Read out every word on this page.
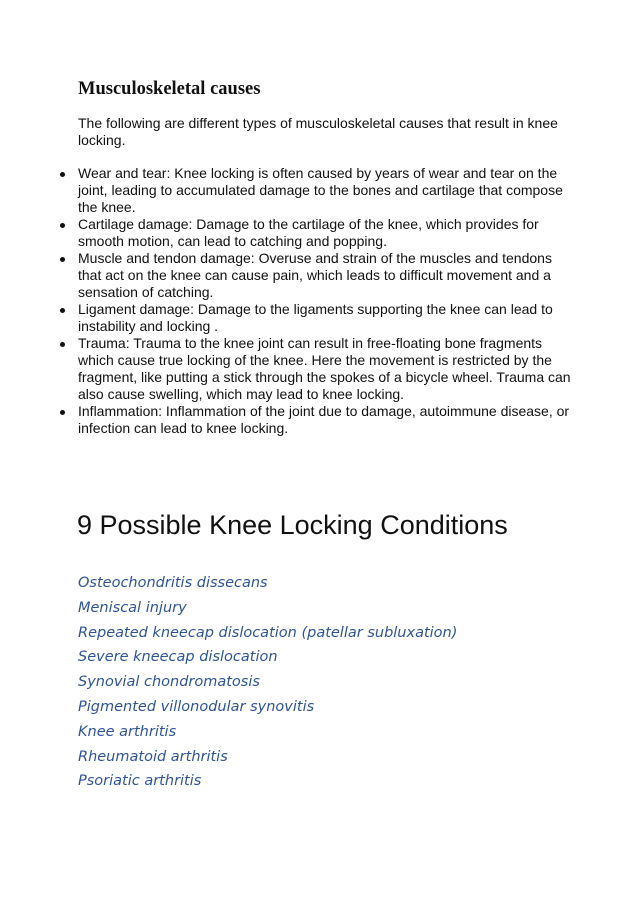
Musculoskeletal causes

The following are different types of musculoskeletal causes that result in knee locking.

Wear and tear: Knee locking is often caused by years of wear and tear on the joint, leading to accumulated damage to the bones and cartilage that compose the knee.
Cartilage damage: Damage to the cartilage of the knee, which provides for smooth motion, can lead to catching and popping.
Muscle and tendon damage: Overuse and strain of the muscles and tendons that act on the knee can cause pain, which leads to difficult movement and a sensation of catching.
Ligament damage: Damage to the ligaments supporting the knee can lead to instability and locking .
Trauma: Trauma to the knee joint can result in free-floating bone fragments which cause true locking of the knee. Here the movement is restricted by the fragment, like putting a stick through the spokes of a bicycle wheel. Trauma can also cause swelling, which may lead to knee locking.
Inflammation: Inflammation of the joint due to damage, autoimmune disease, or infection can lead to knee locking.
9 Possible Knee Locking Conditions
Osteochondritis dissecans
Meniscal injury
Repeated kneecap dislocation (patellar subluxation)
Severe kneecap dislocation
Synovial chondromatosis
Pigmented villonodular synovitis
Knee arthritis
Rheumatoid arthritis
Psoriatic arthritis
